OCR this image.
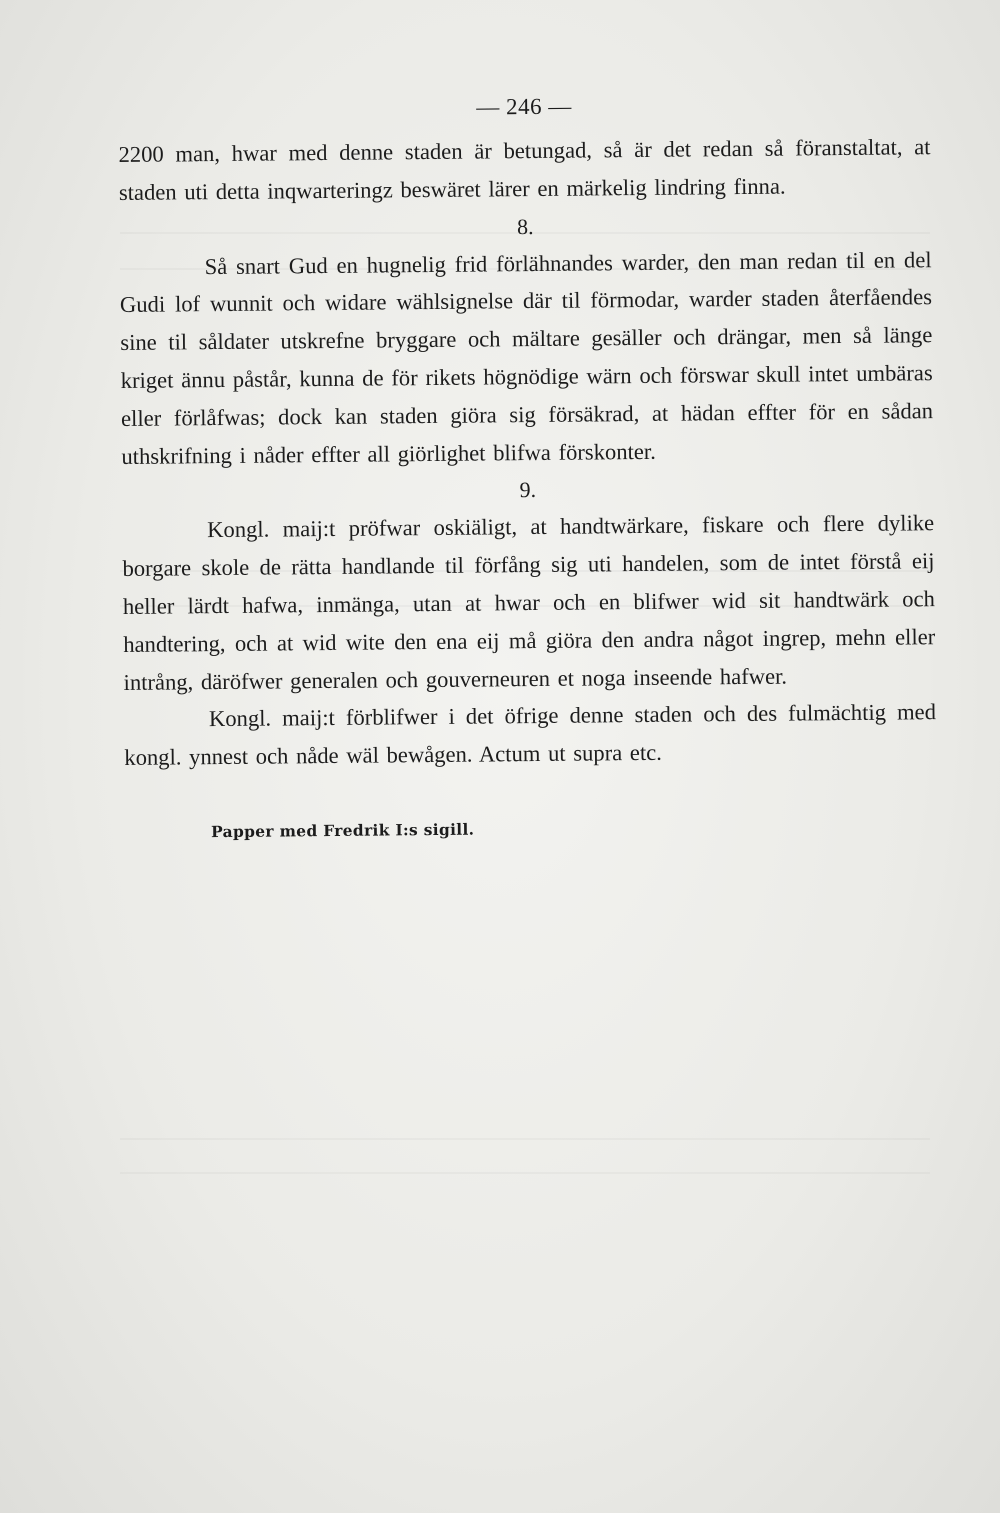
— 246 —

2200 man, hwar med denne staden är betungad, så är det redan så föranstaltat, at staden uti detta inqwarteringz beswäret lärer en märkelig lindring finna.

8.

Så snart Gud en hugnelig frid förlähnandes warder, den man redan til en del Gudi lof wunnit och widare wählsignelse där til förmodar, warder staden återfåendes sine til såldater utskrefne bryggare och mältare gesäller och drängar, men så länge kriget ännu påstår, kunna de för rikets högnödige wärn och förswar skull intet umbäras eller förlåfwas; dock kan staden giöra sig försäkrad, at hädan effter för en sådan uthskrifning i nåder effter all giörlighet blifwa förskonter.

9.

Kongl. maij:t pröfwar oskiäligt, at handtwärkare, fiskare och flere dylike borgare skole de rätta handlande til förfång sig uti handelen, som de intet förstå eij heller lärdt hafwa, inmänga, utan at hwar och en blifwer wid sit handtwärk och handtering, och at wid wite den ena eij må giöra den andra något ingrep, mehn eller intrång, däröfwer generalen och gouverneuren et noga inseende hafwer.

Kongl. maij:t förblifwer i det öfrige denne staden och des fulmächtig med kongl. ynnest och nåde wäl bewågen. Actum ut supra etc.

Papper med Fredrik I:s sigill.
